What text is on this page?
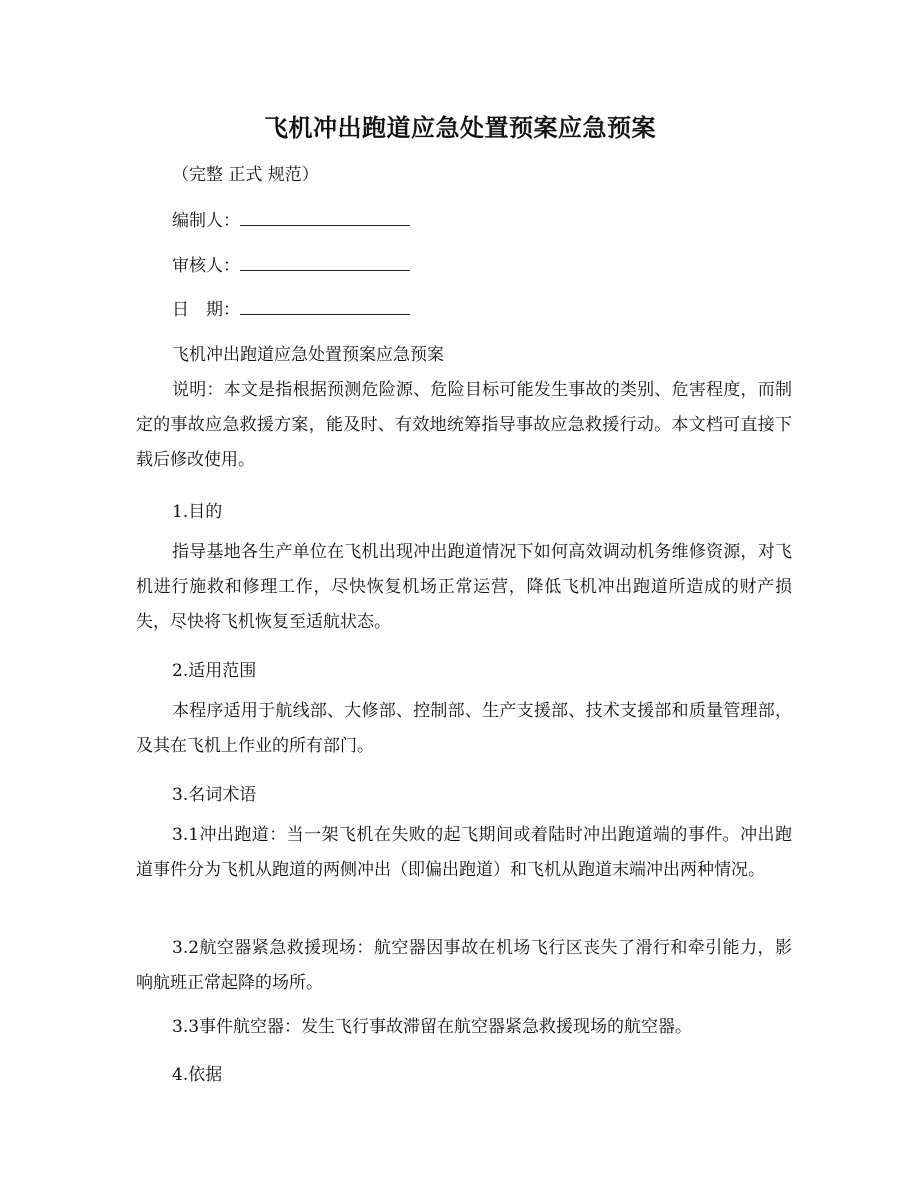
飞机冲出跑道应急处置预案应急预案
（完整 正式 规范）
编制人：
审核人：
日　期：
飞机冲出跑道应急处置预案应急预案

说明：本文是指根据预测危险源、危险目标可能发生事故的类别、危害程度，而制定的事故应急救援方案，能及时、有效地统筹指导事故应急救援行动。本文档可直接下载后修改使用。

1.目的

指导基地各生产单位在飞机出现冲出跑道情况下如何高效调动机务维修资源，对飞机进行施救和修理工作，尽快恢复机场正常运营，降低飞机冲出跑道所造成的财产损失，尽快将飞机恢复至适航状态。

2.适用范围

本程序适用于航线部、大修部、控制部、生产支援部、技术支援部和质量管理部，及其在飞机上作业的所有部门。

3.名词术语

3.1冲出跑道：当一架飞机在失败的起飞期间或着陆时冲出跑道端的事件。冲出跑道事件分为飞机从跑道的两侧冲出（即偏出跑道）和飞机从跑道末端冲出两种情况。

3.2航空器紧急救援现场：航空器因事故在机场飞行区丧失了滑行和牵引能力，影响航班正常起降的场所。

3.3事件航空器：发生飞行事故滞留在航空器紧急救援现场的航空器。

4.依据
